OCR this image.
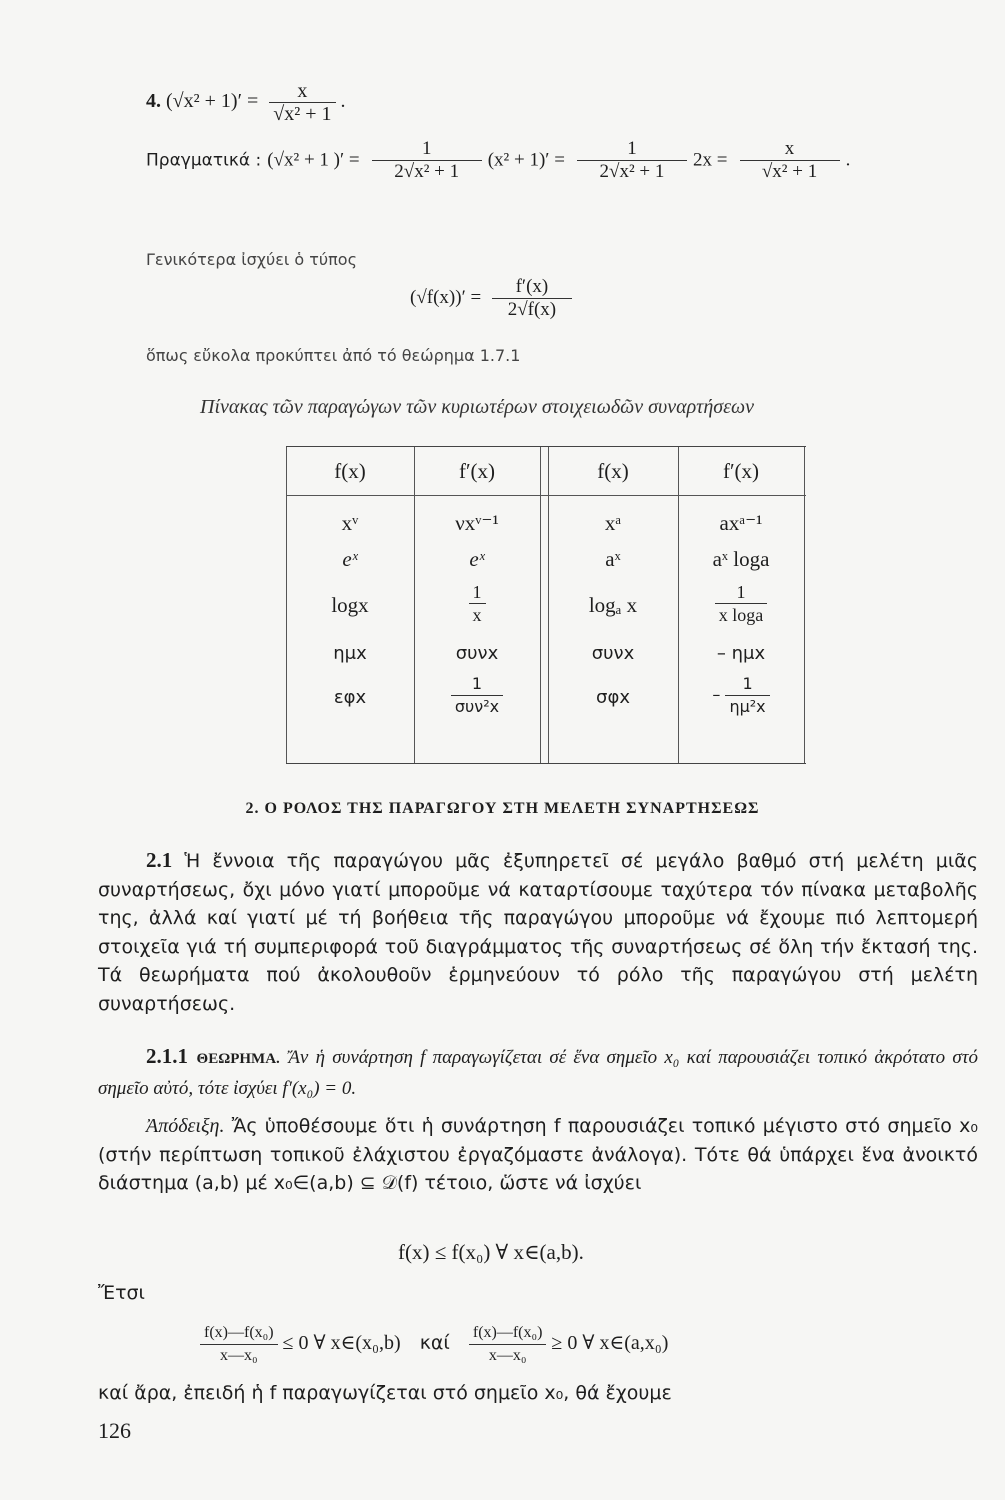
4. $(√x^2 + 1)' = \frac{x}{\text{√x² + 1}}$ .
Πραγματικά : (√x² + 1 )′ = $\frac{1}{\text{2√x² + 1}} (x^2 + 1)' = \frac{1}{\text{2√x² + 1}} 2x = \frac{x}{\text{√x² + 1}}$ .
Γενικότερα ἰσχύει ὁ τύπος
$(√f(x))' = \frac{f'(x)}{2√f(x)}$
ὅπως εὔκολα προκύπτει ἀπό τό θεώρημα 1.7.1
Πίνακας τῶν παραγώγων τῶν κυριωτέρων στοιχειωδῶν συναρτήσεων
f(x)	f′(x)	f(x)	f′(x)
xᵛ	νxᵛ⁻¹	xᵃ	axᵃ⁻¹
eˣ	eˣ	aˣ	aˣ loga
logx	$\frac{1}{x}$	logₐ x	$\frac{1}{\text{x loga}}$
ημx	συνx	συνx	– ημx
εφx	$\frac{1}{\text{συν²x}}$	σφx	– $\frac{1}{\text{ημ²x}}$
2. Ο ΡΟΛΟΣ ΤΗΣ ΠΑΡΑΓΩΓΟΥ ΣΤΗ ΜΕΛΕΤΗ ΣΥΝΑΡΤΗΣΕΩΣ
2.1 Ἡ ἔννοια τῆς παραγώγου μᾶς ἐξυπηρετεῖ σέ μεγάλο βαθμό στή μελέτη μιᾶς συναρτήσεως, ὄχι μόνο γιατί μποροῦμε νά καταρτίσουμε ταχύτερα τόν πίνακα μεταβολῆς της, ἀλλά καί γιατί μέ τή βοήθεια τῆς παραγώγου μποροῦμε νά ἔχουμε πιό λεπτομερή στοιχεῖα γιά τή συμπεριφορά τοῦ διαγράμματος τῆς συναρτήσεως σέ ὅλη τήν ἔκτασή της. Τά θεωρήματα πού ἀκολουθοῦν ἑρμηνεύουν τό ρόλο τῆς παραγώγου στή μελέτη συναρτήσεως.
2.1.1 ΘΕΩΡΗΜΑ. Ἄν ἡ συνάρτηση f παραγωγίζεται σέ ἕνα σημεῖο x₀ καί παρουσιάζει τοπικό ἀκρότατο στό σημεῖο αὐτό, τότε ἰσχύει f′(x₀) = 0.
Ἀπόδειξη. Ἄς ὑποθέσουμε ὅτι ἡ συνάρτηση f παρουσιάζει τοπικό μέγιστο στό σημεῖο x₀ (στήν περίπτωση τοπικοῦ ἐλάχιστου ἐργαζόμαστε ἀνάλογα). Τότε θά ὑπάρχει ἕνα ἀνοικτό διάστημα (a,b) μέ x₀∈(a,b) ⊆ 𝒟(f) τέτοιο, ὥστε νά ἰσχύει
f(x) ≤ f(x₀) ∀ x∈(a,b).
Ἔτσι
$\frac{\text{f(x)—f(x₀)}}{\text{x—x₀}} \le 0$ ∀ x∈(x₀,b) καί $\frac{\text{f(x)—f(x₀)}}{\text{x—x₀}} \ge 0$ ∀ x∈(a,x₀)
καί ἄρα, ἐπειδή ἡ f παραγωγίζεται στό σημεῖο x₀, θά ἔχουμε
126
